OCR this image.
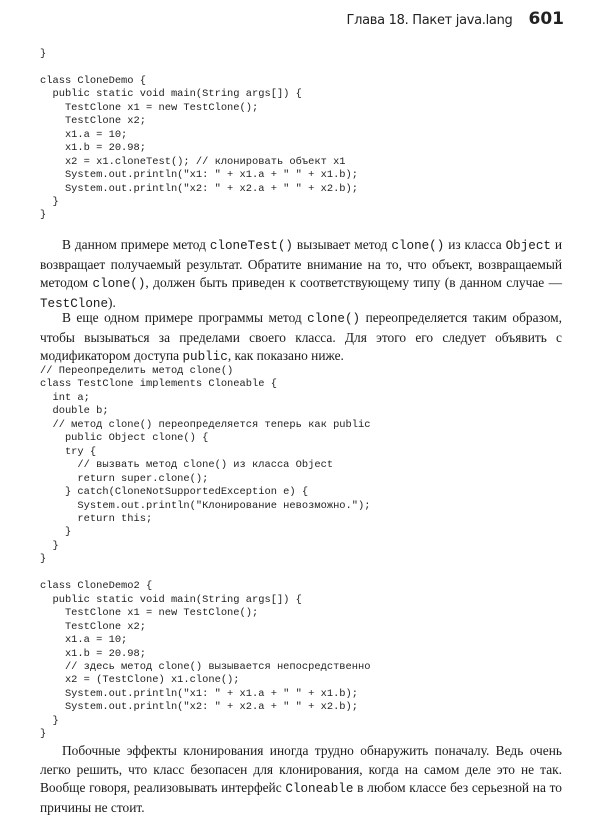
Глава 18. Пакет java.lang 601
}

class CloneDemo {
public static void main(String args[]) {
TestClone x1 = new TestClone();
TestClone x2;
x1.a = 10;
x1.b = 20.98;
x2 = x1.cloneTest(); // клонировать объект x1
System.out.println("x1: " + x1.a + " " + x1.b);
System.out.println("x2: " + x2.a + " " + x2.b);
}
}

В данном примере метод cloneTest() вызывает метод clone() из класса Object и возвращает получаемый результат. Обратите внимание на то, что объект, возвращаемый методом clone(), должен быть приведен к соответствующему типу (в данном случае — TestClone).

В еще одном примере программы метод clone() переопределяется таким образом, чтобы вызываться за пределами своего класса. Для этого его следует объявить с модификатором доступа public, как показано ниже.

// Переопределить метод clone()
class TestClone implements Cloneable {
int a;
double b;
// метод clone() переопределяется теперь как public
public Object clone() {
try {
// вызвать метод clone() из класса Object
return super.clone();
} catch(CloneNotSupportedException e) {
System.out.println("Клонирование невозможно.");
return this;
}
}
}

class CloneDemo2 {
public static void main(String args[]) {
TestClone x1 = new TestClone();
TestClone x2;
x1.a = 10;
x1.b = 20.98;
// здесь метод clone() вызывается непосредственно
x2 = (TestClone) x1.clone();
System.out.println("x1: " + x1.a + " " + x1.b);
System.out.println("x2: " + x2.a + " " + x2.b);
}
}

Побочные эффекты клонирования иногда трудно обнаружить поначалу. Ведь очень легко решить, что класс безопасен для клонирования, когда на самом деле это не так. Вообще говоря, реализовывать интерфейс Cloneable в любом классе без серьезной на то причины не стоит.
